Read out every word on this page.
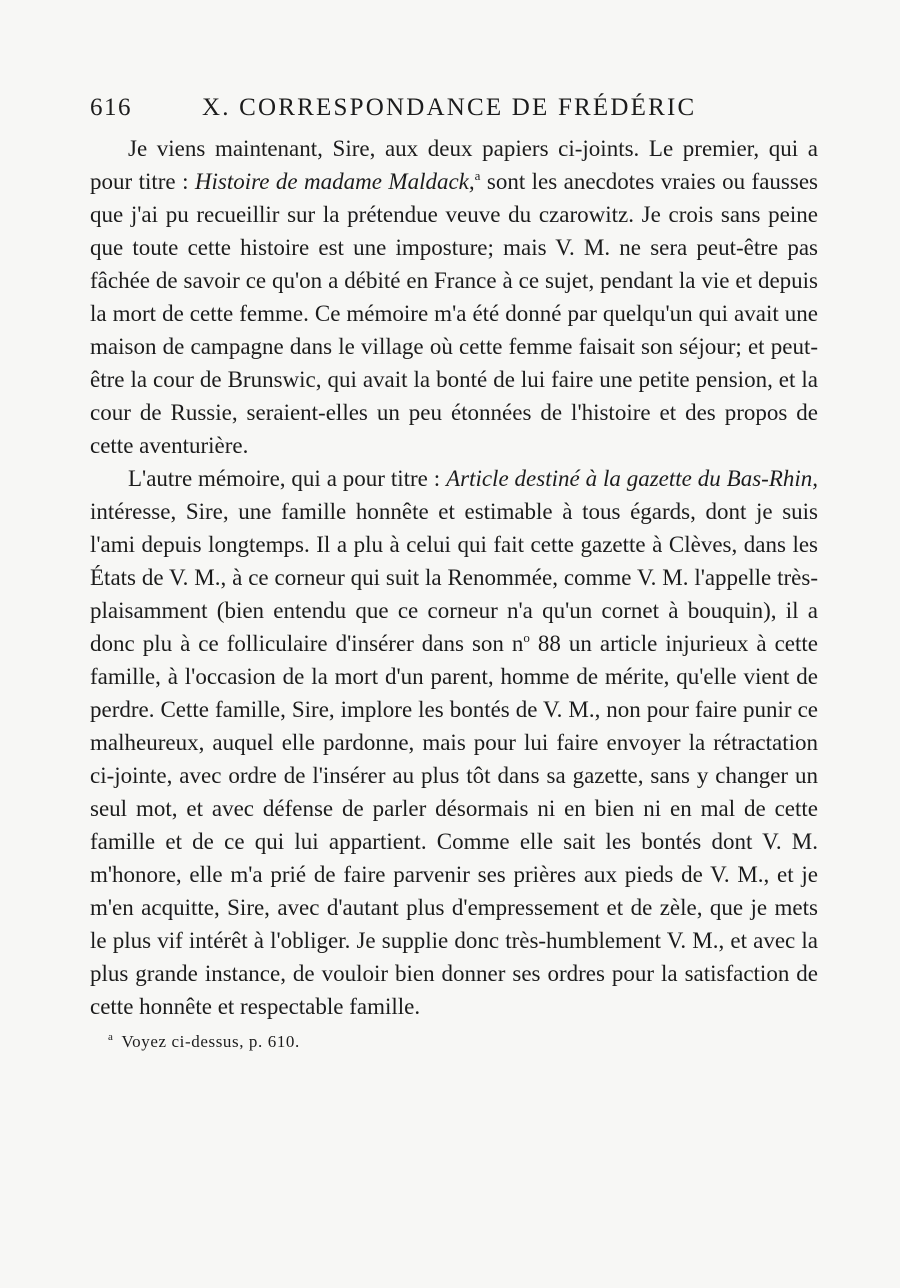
616	X. CORRESPONDANCE DE FRÉDÉRIC

Je viens maintenant, Sire, aux deux papiers ci-joints. Le premier, qui a pour titre : Histoire de madame Maldack,$^a$ sont les anecdotes vraies ou fausses que j'ai pu recueillir sur la prétendue veuve du czarowitz. Je crois sans peine que toute cette histoire est une imposture; mais V. M. ne sera peut-être pas fâchée de savoir ce qu'on a débité en France à ce sujet, pendant la vie et depuis la mort de cette femme. Ce mémoire m'a été donné par quelqu'un qui avait une maison de campagne dans le village où cette femme faisait son séjour; et peut-être la cour de Brunswic, qui avait la bonté de lui faire une petite pension, et la cour de Russie, seraient-elles un peu étonnées de l'histoire et des propos de cette aventurière.

L'autre mémoire, qui a pour titre : Article destiné à la gazette du Bas-Rhin, intéresse, Sire, une famille honnête et estimable à tous égards, dont je suis l'ami depuis longtemps. Il a plu à celui qui fait cette gazette à Clèves, dans les États de V. M., à ce corneur qui suit la Renommée, comme V. M. l'appelle très-plaisamment (bien entendu que ce corneur n'a qu'un cornet à bouquin), il a donc plu à ce folliculaire d'insérer dans son $n^o$ 88 un article injurieux à cette famille, à l'occasion de la mort d'un parent, homme de mérite, qu'elle vient de perdre. Cette famille, Sire, implore les bontés de V. M., non pour faire punir ce malheureux, auquel elle pardonne, mais pour lui faire envoyer la rétractation ci-jointe, avec ordre de l'insérer au plus tôt dans sa gazette, sans y changer un seul mot, et avec défense de parler désormais ni en bien ni en mal de cette famille et de ce qui lui appartient. Comme elle sait les bontés dont V. M. m'honore, elle m'a prié de faire parvenir ses prières aux pieds de V. M., et je m'en acquitte, Sire, avec d'autant plus d'empressement et de zèle, que je mets le plus vif intérêt à l'obliger. Je supplie donc très-humblement V. M., et avec la plus grande instance, de vouloir bien donner ses ordres pour la satisfaction de cette honnête et respectable famille.

$^a$ Voyez ci-dessus, p. 610.
